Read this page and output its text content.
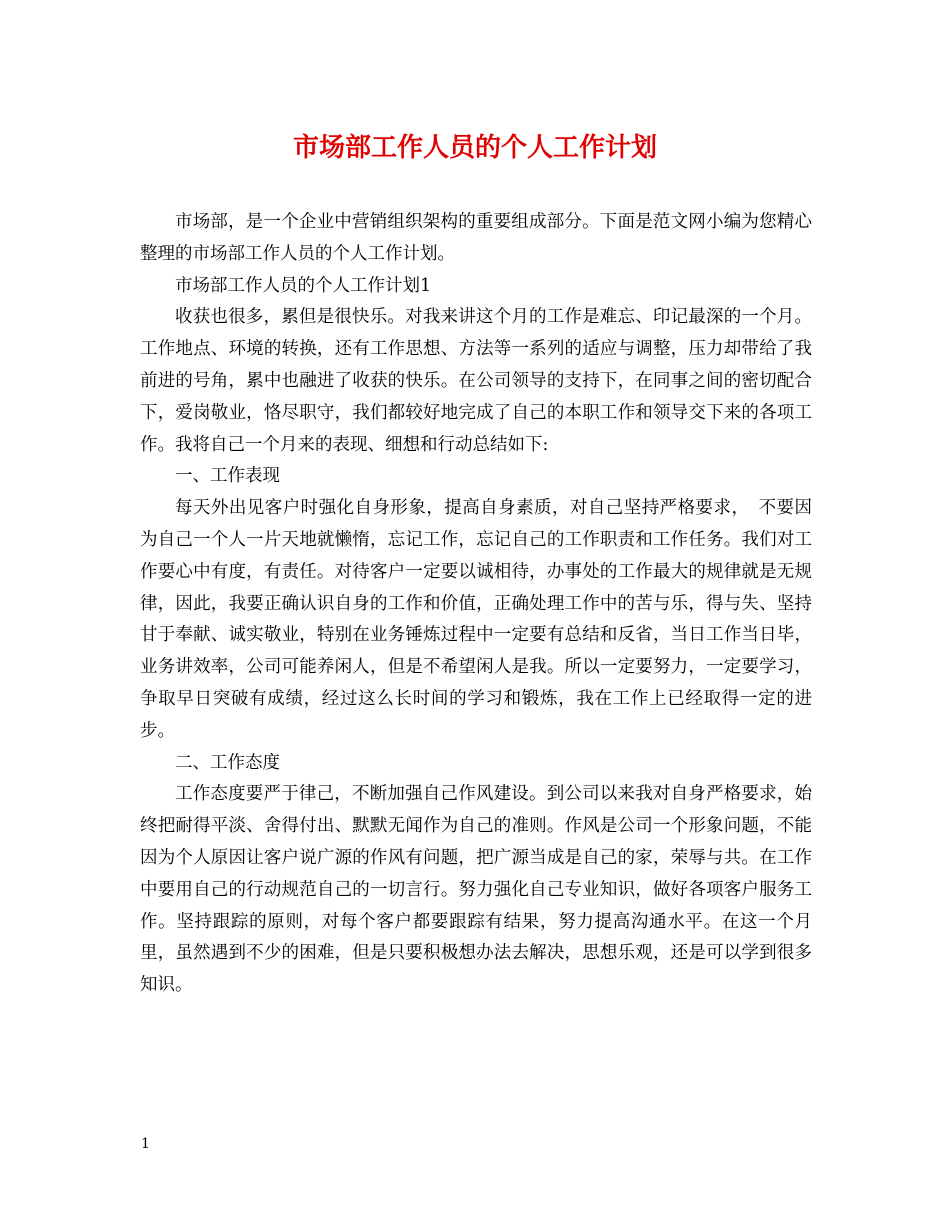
市场部工作人员的个人工作计划

市场部，是一个企业中营销组织架构的重要组成部分。下面是范文网小编为您精心整理的市场部工作人员的个人工作计划。

市场部工作人员的个人工作计划1

收获也很多，累但是很快乐。对我来讲这个月的工作是难忘、印记最深的一个月。工作地点、环境的转换，还有工作思想、方法等一系列的适应与调整，压力却带给了我前进的号角，累中也融进了收获的快乐。在公司领导的支持下，在同事之间的密切配合下，爱岗敬业，恪尽职守，我们都较好地完成了自己的本职工作和领导交下来的各项工作。我将自己一个月来的表现、细想和行动总结如下:

一、工作表现

每天外出见客户时强化自身形象，提高自身素质，对自己坚持严格要求，　不要因为自己一个人一片天地就懒惰，忘记工作，忘记自己的工作职责和工作任务。我们对工作要心中有度，有责任。对待客户一定要以诚相待，办事处的工作最大的规律就是无规律，因此，我要正确认识自身的工作和价值，正确处理工作中的苦与乐，得与失、坚持甘于奉献、诚实敬业，特别在业务锤炼过程中一定要有总结和反省，当日工作当日毕，业务讲效率，公司可能养闲人，但是不希望闲人是我。所以一定要努力，一定要学习，争取早日突破有成绩，经过这么长时间的学习和锻炼，我在工作上已经取得一定的进步。

二、工作态度

工作态度要严于律己，不断加强自己作风建设。到公司以来我对自身严格要求，始终把耐得平淡、舍得付出、默默无闻作为自己的准则。作风是公司一个形象问题，不能因为个人原因让客户说广源的作风有问题，把广源当成是自己的家，荣辱与共。在工作中要用自己的行动规范自己的一切言行。努力强化自己专业知识，做好各项客户服务工作。坚持跟踪的原则，对每个客户都要跟踪有结果，努力提高沟通水平。在这一个月里，虽然遇到不少的困难，但是只要积极想办法去解决，思想乐观，还是可以学到很多知识。

1
